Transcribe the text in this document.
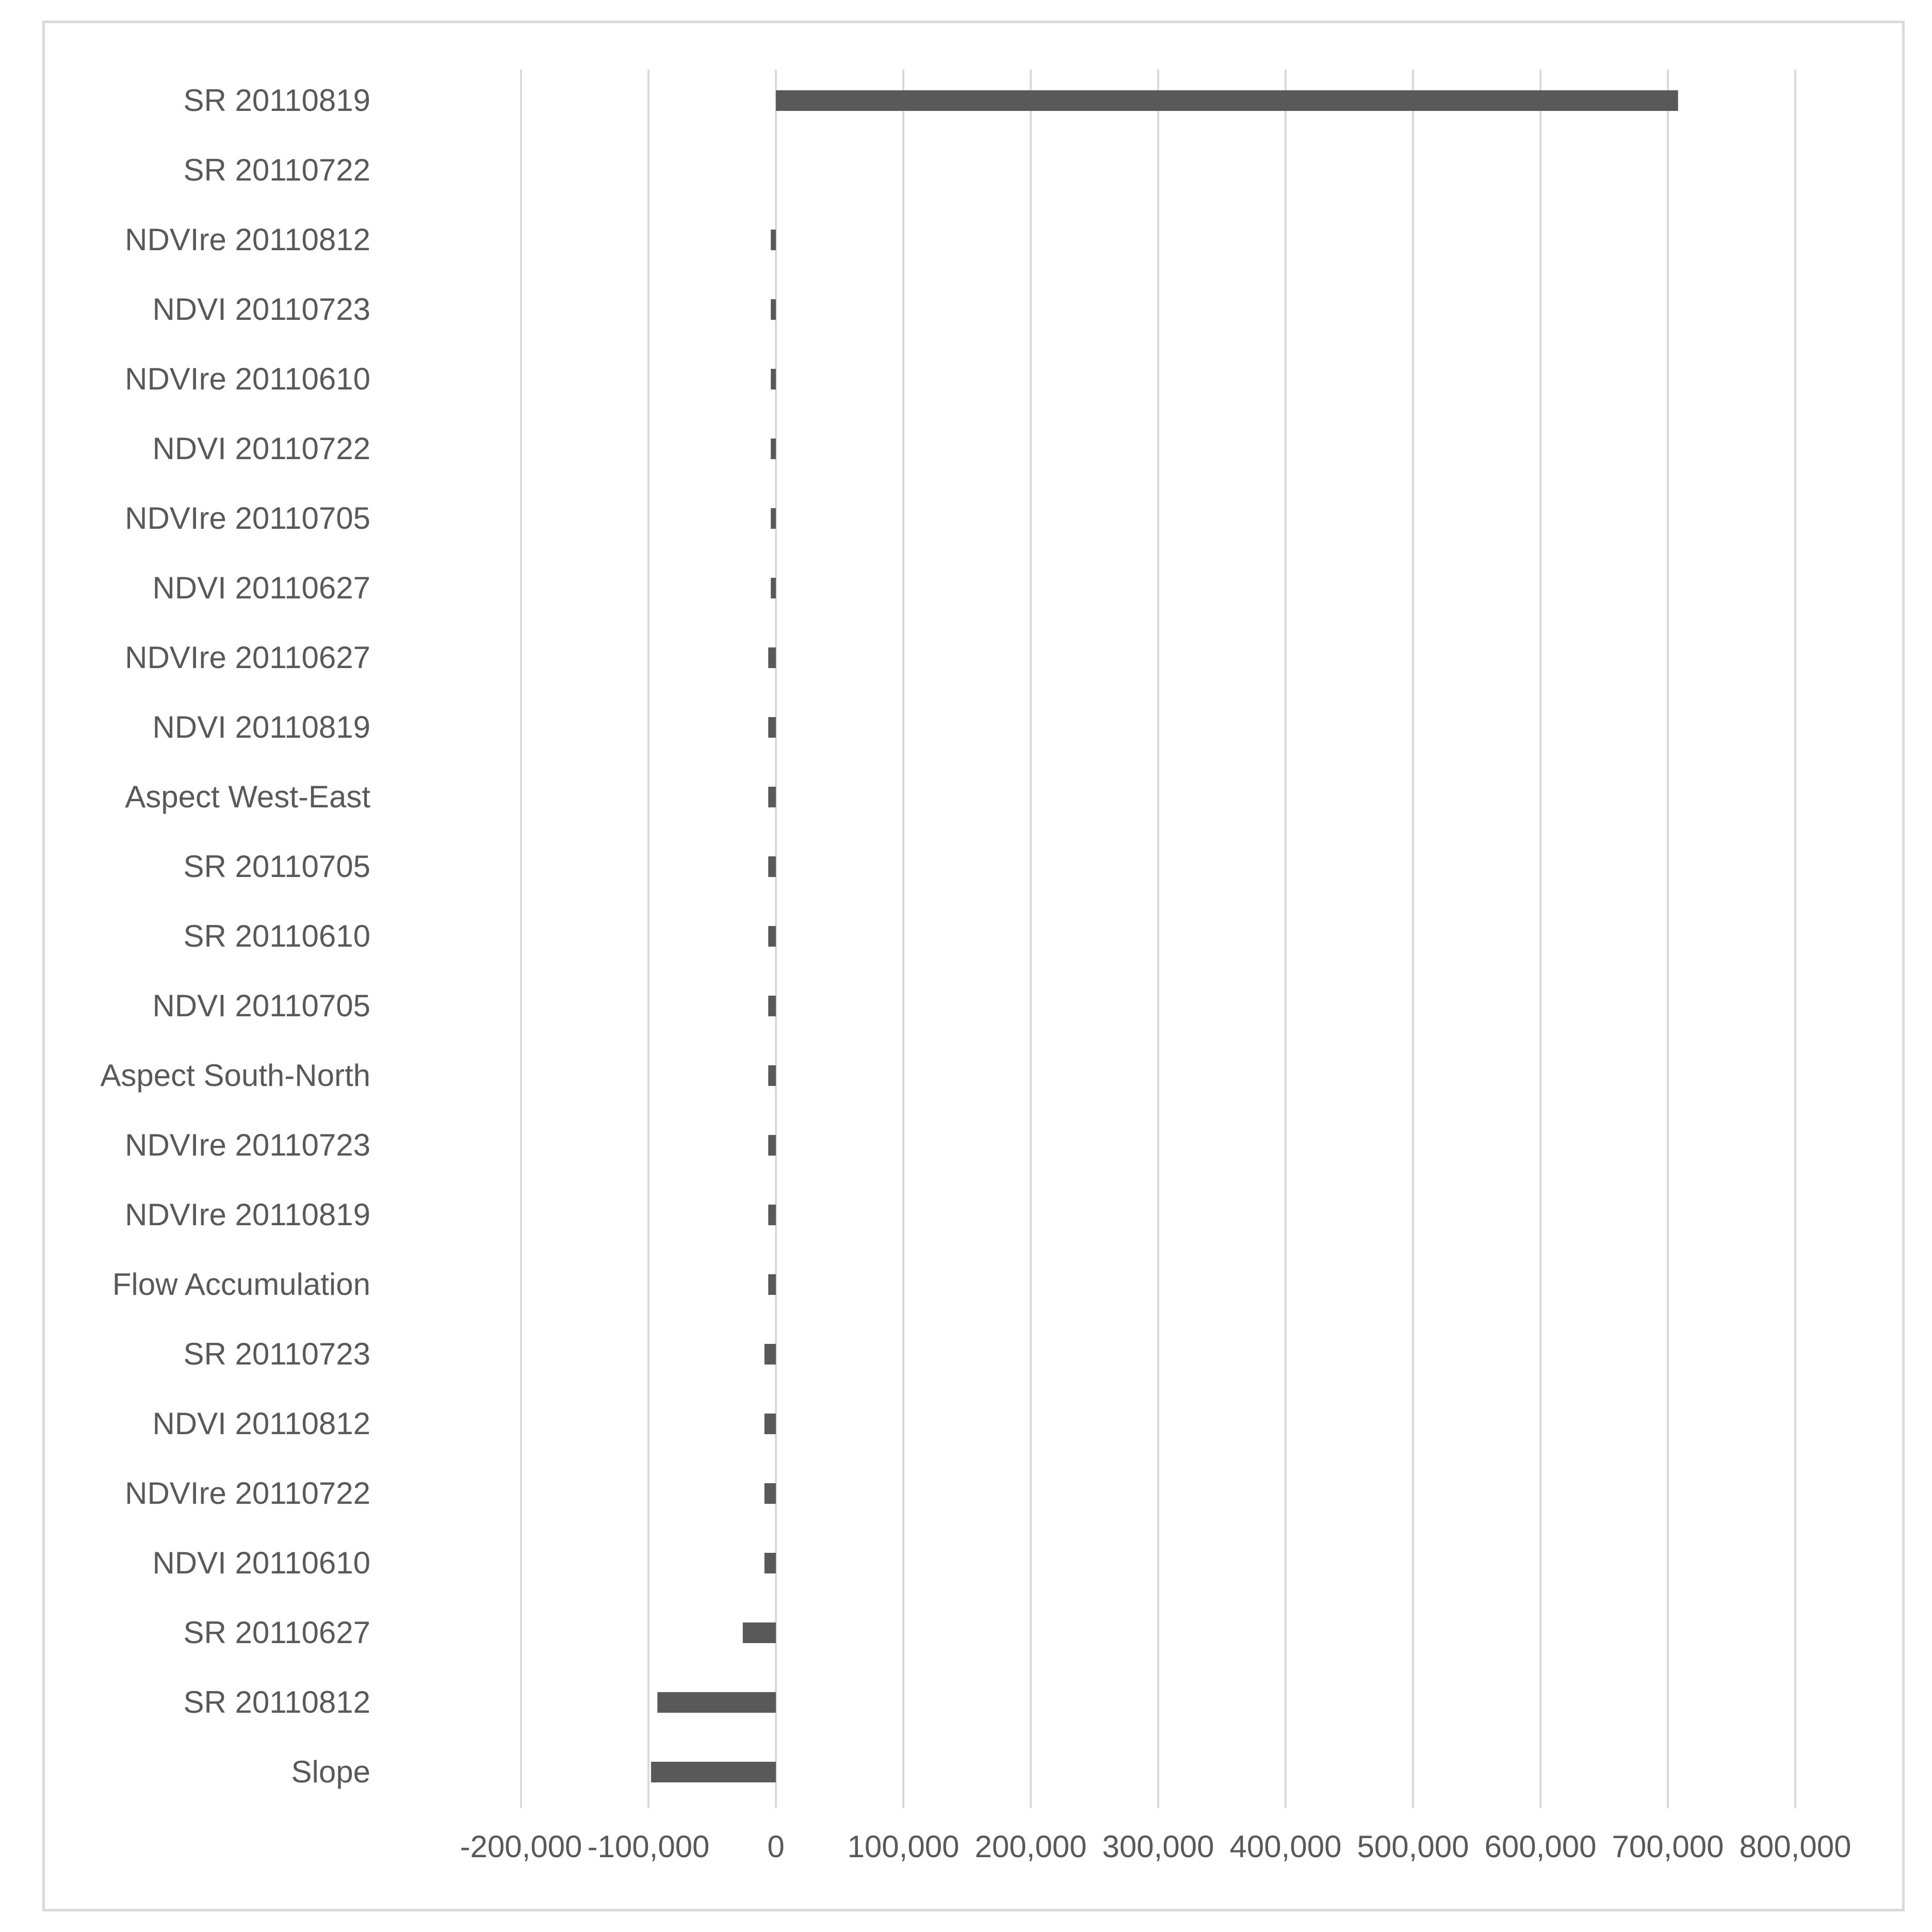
SR 20110819
SR 20110722
NDVIre 20110812
NDVI 20110723
NDVIre 20110610
NDVI 20110722
NDVIre 20110705
NDVI 20110627
NDVIre 20110627
NDVI 20110819
Aspect West-East
SR 20110705
SR 20110610
NDVI 20110705
Aspect South-North
NDVIre 20110723
NDVIre 20110819
Flow Accumulation
SR 20110723
NDVI 20110812
NDVIre 20110722
NDVI 20110610
SR 20110627
SR 20110812
Slope
-200,000 -100,000 0 100,000 200,000 300,000 400,000 500,000 600,000 700,000 800,000
